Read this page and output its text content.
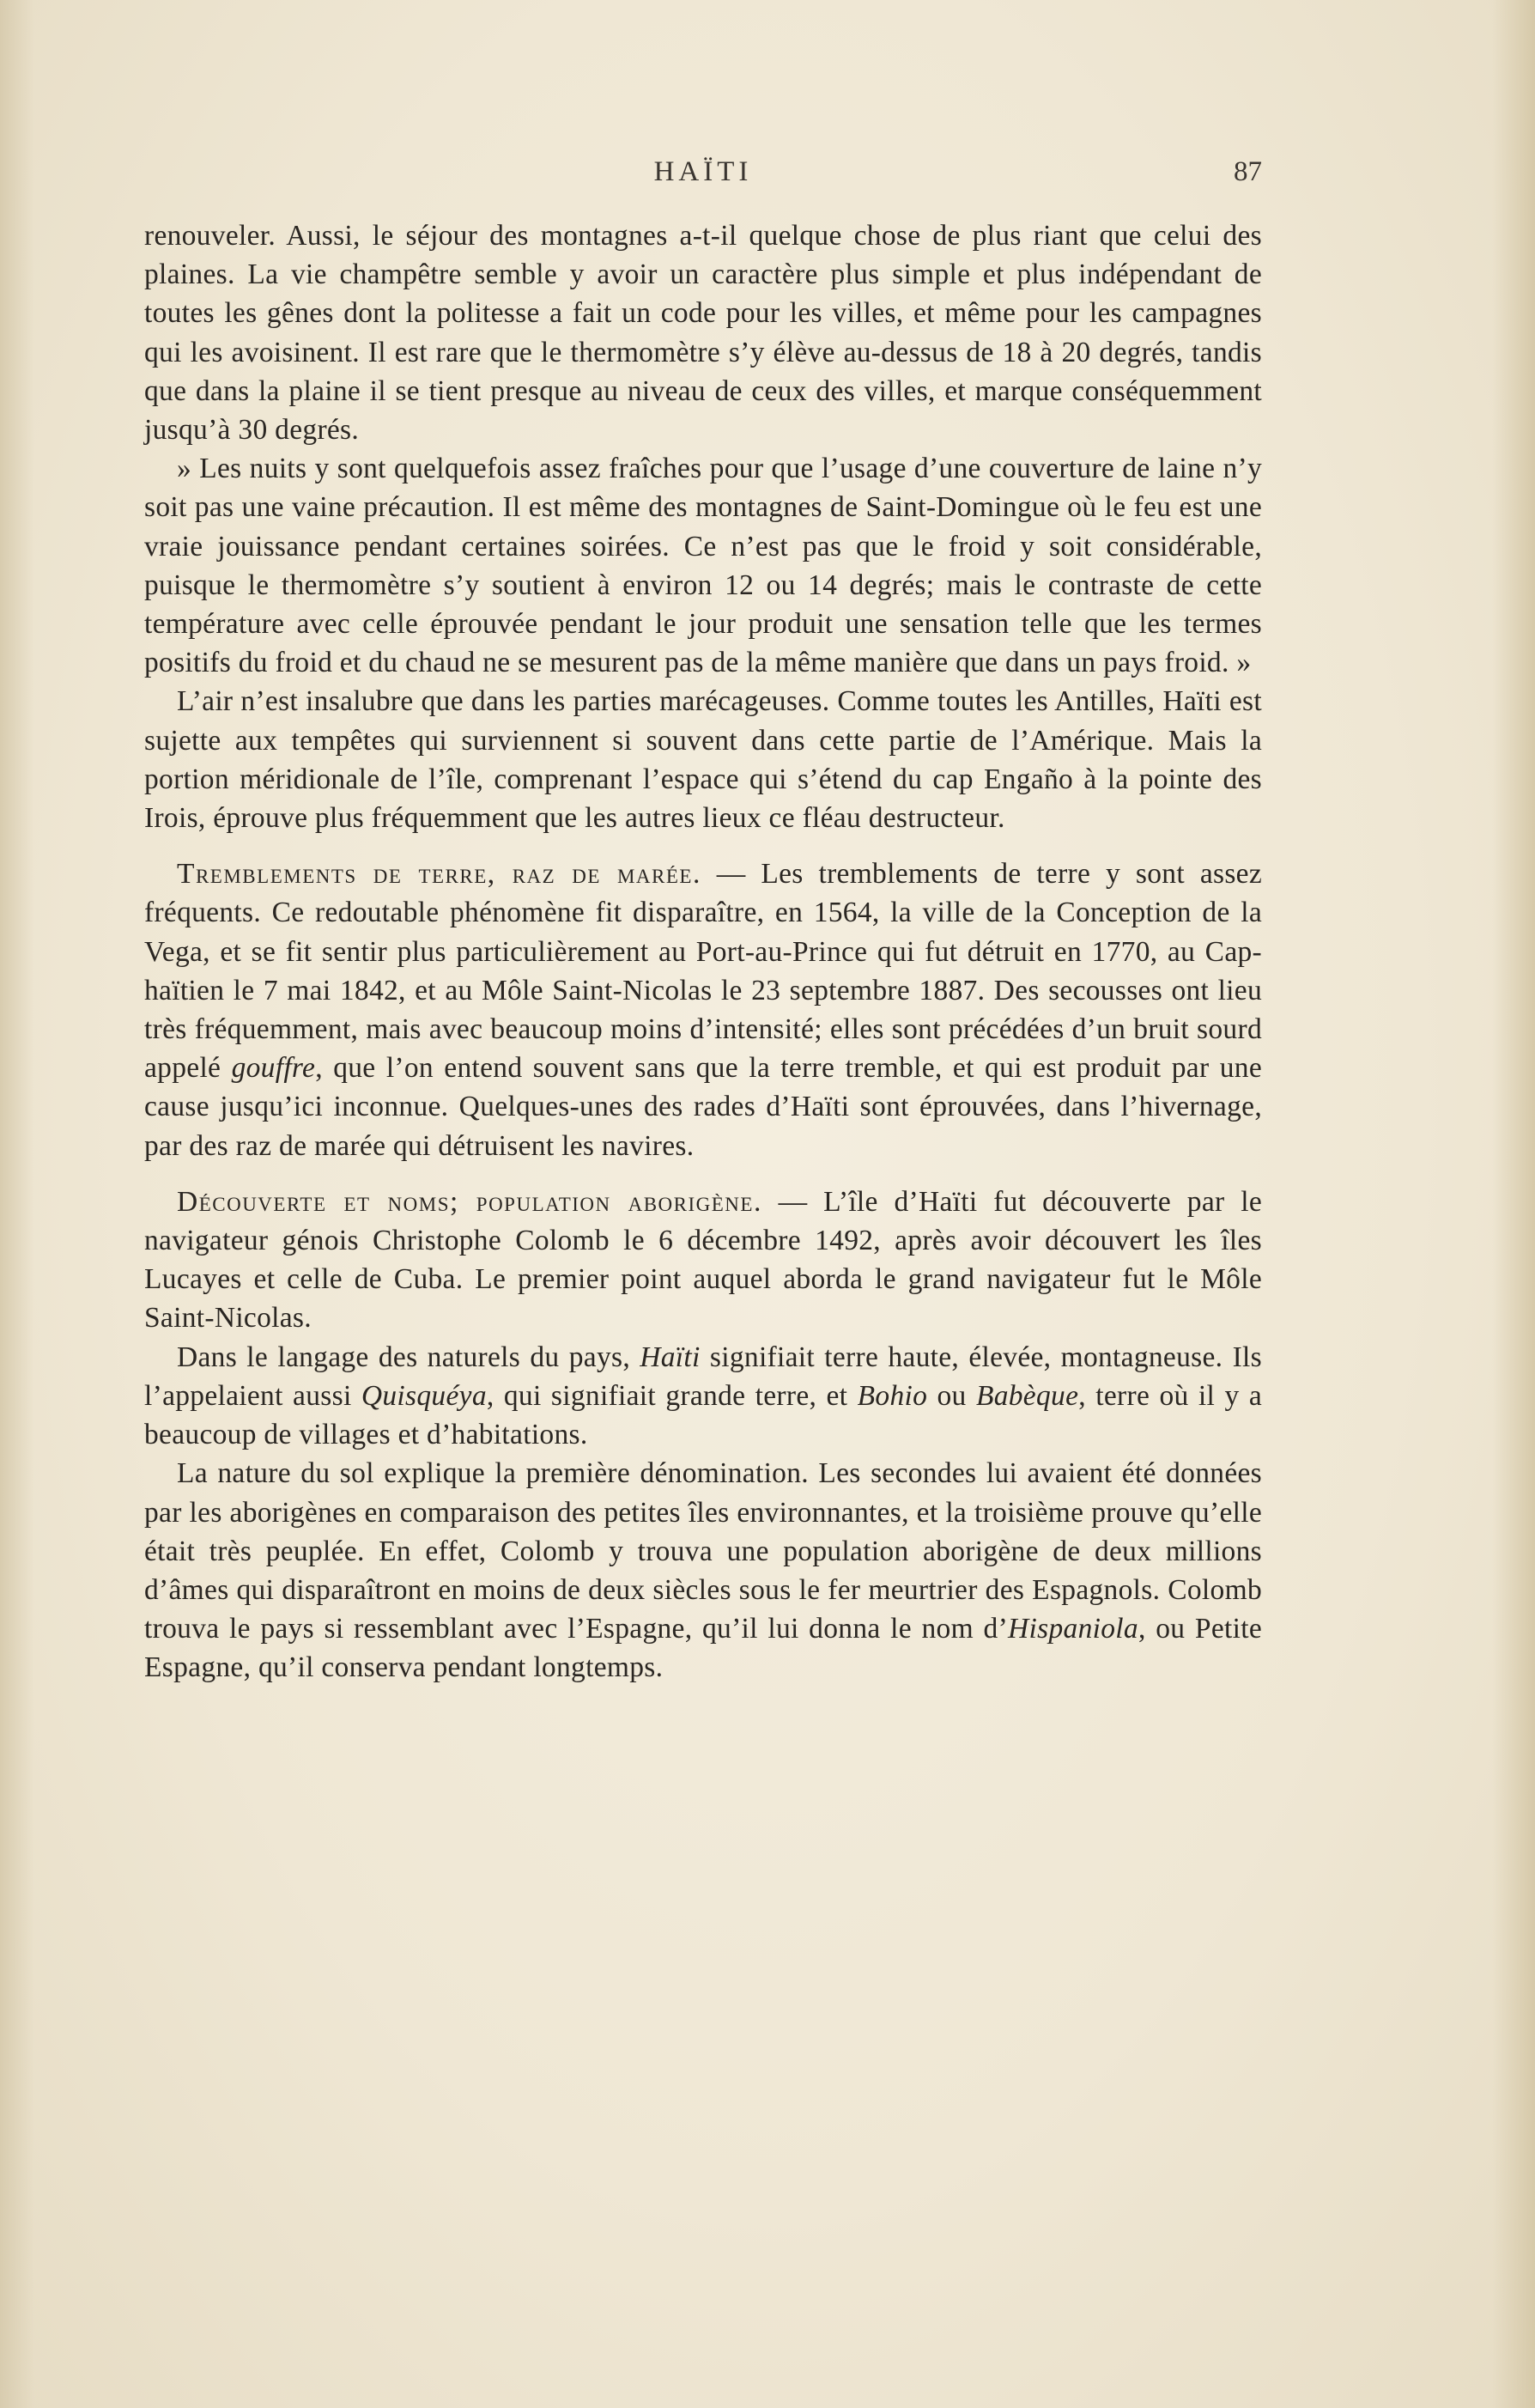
HAÏTI	87

renouveler. Aussi, le séjour des montagnes a-t-il quelque chose de plus riant que celui des plaines. La vie champêtre semble y avoir un caractère plus simple et plus indépendant de toutes les gênes dont la politesse a fait un code pour les villes, et même pour les campagnes qui les avoisinent. Il est rare que le thermomètre s’y élève au-dessus de 18 à 20 degrés, tandis que dans la plaine il se tient presque au niveau de ceux des villes, et marque conséquemment jusqu’à 30 degrés.

» Les nuits y sont quelquefois assez fraîches pour que l’usage d’une couverture de laine n’y soit pas une vaine précaution. Il est même des montagnes de Saint-Domingue où le feu est une vraie jouissance pendant certaines soirées. Ce n’est pas que le froid y soit considérable, puisque le thermomètre s’y soutient à environ 12 ou 14 degrés; mais le contraste de cette température avec celle éprouvée pendant le jour produit une sensation telle que les termes positifs du froid et du chaud ne se mesurent pas de la même manière que dans un pays froid. »

L’air n’est insalubre que dans les parties marécageuses. Comme toutes les Antilles, Haïti est sujette aux tempêtes qui surviennent si souvent dans cette partie de l’Amérique. Mais la portion méridionale de l’île, comprenant l’espace qui s’étend du cap Engaño à la pointe des Irois, éprouve plus fréquemment que les autres lieux ce fléau destructeur.

Tremblements de terre, raz de marée. — Les tremblements de terre y sont assez fréquents. Ce redoutable phénomène fit disparaître, en 1564, la ville de la Conception de la Vega, et se fit sentir plus particulièrement au Port-au-Prince qui fut détruit en 1770, au Cap-haïtien le 7 mai 1842, et au Môle Saint-Nicolas le 23 septembre 1887. Des secousses ont lieu très fréquemment, mais avec beaucoup moins d’intensité; elles sont précédées d’un bruit sourd appelé gouffre, que l’on entend souvent sans que la terre tremble, et qui est produit par une cause jusqu’ici inconnue. Quelques-unes des rades d’Haïti sont éprouvées, dans l’hivernage, par des raz de marée qui détruisent les navires.

Découverte et noms; population aborigène. — L’île d’Haïti fut découverte par le navigateur génois Christophe Colomb le 6 décembre 1492, après avoir découvert les îles Lucayes et celle de Cuba. Le premier point auquel aborda le grand navigateur fut le Môle Saint-Nicolas.

Dans le langage des naturels du pays, Haïti signifiait terre haute, élevée, montagneuse. Ils l’appelaient aussi Quisquéya, qui signifiait grande terre, et Bohio ou Babèque, terre où il y a beaucoup de villages et d’habitations.

La nature du sol explique la première dénomination. Les secondes lui avaient été données par les aborigènes en comparaison des petites îles environnantes, et la troisième prouve qu’elle était très peuplée. En effet, Colomb y trouva une population aborigène de deux millions d’âmes qui disparaîtront en moins de deux siècles sous le fer meurtrier des Espagnols. Colomb trouva le pays si ressemblant avec l’Espagne, qu’il lui donna le nom d’Hispaniola, ou Petite Espagne, qu’il conserva pendant longtemps.
